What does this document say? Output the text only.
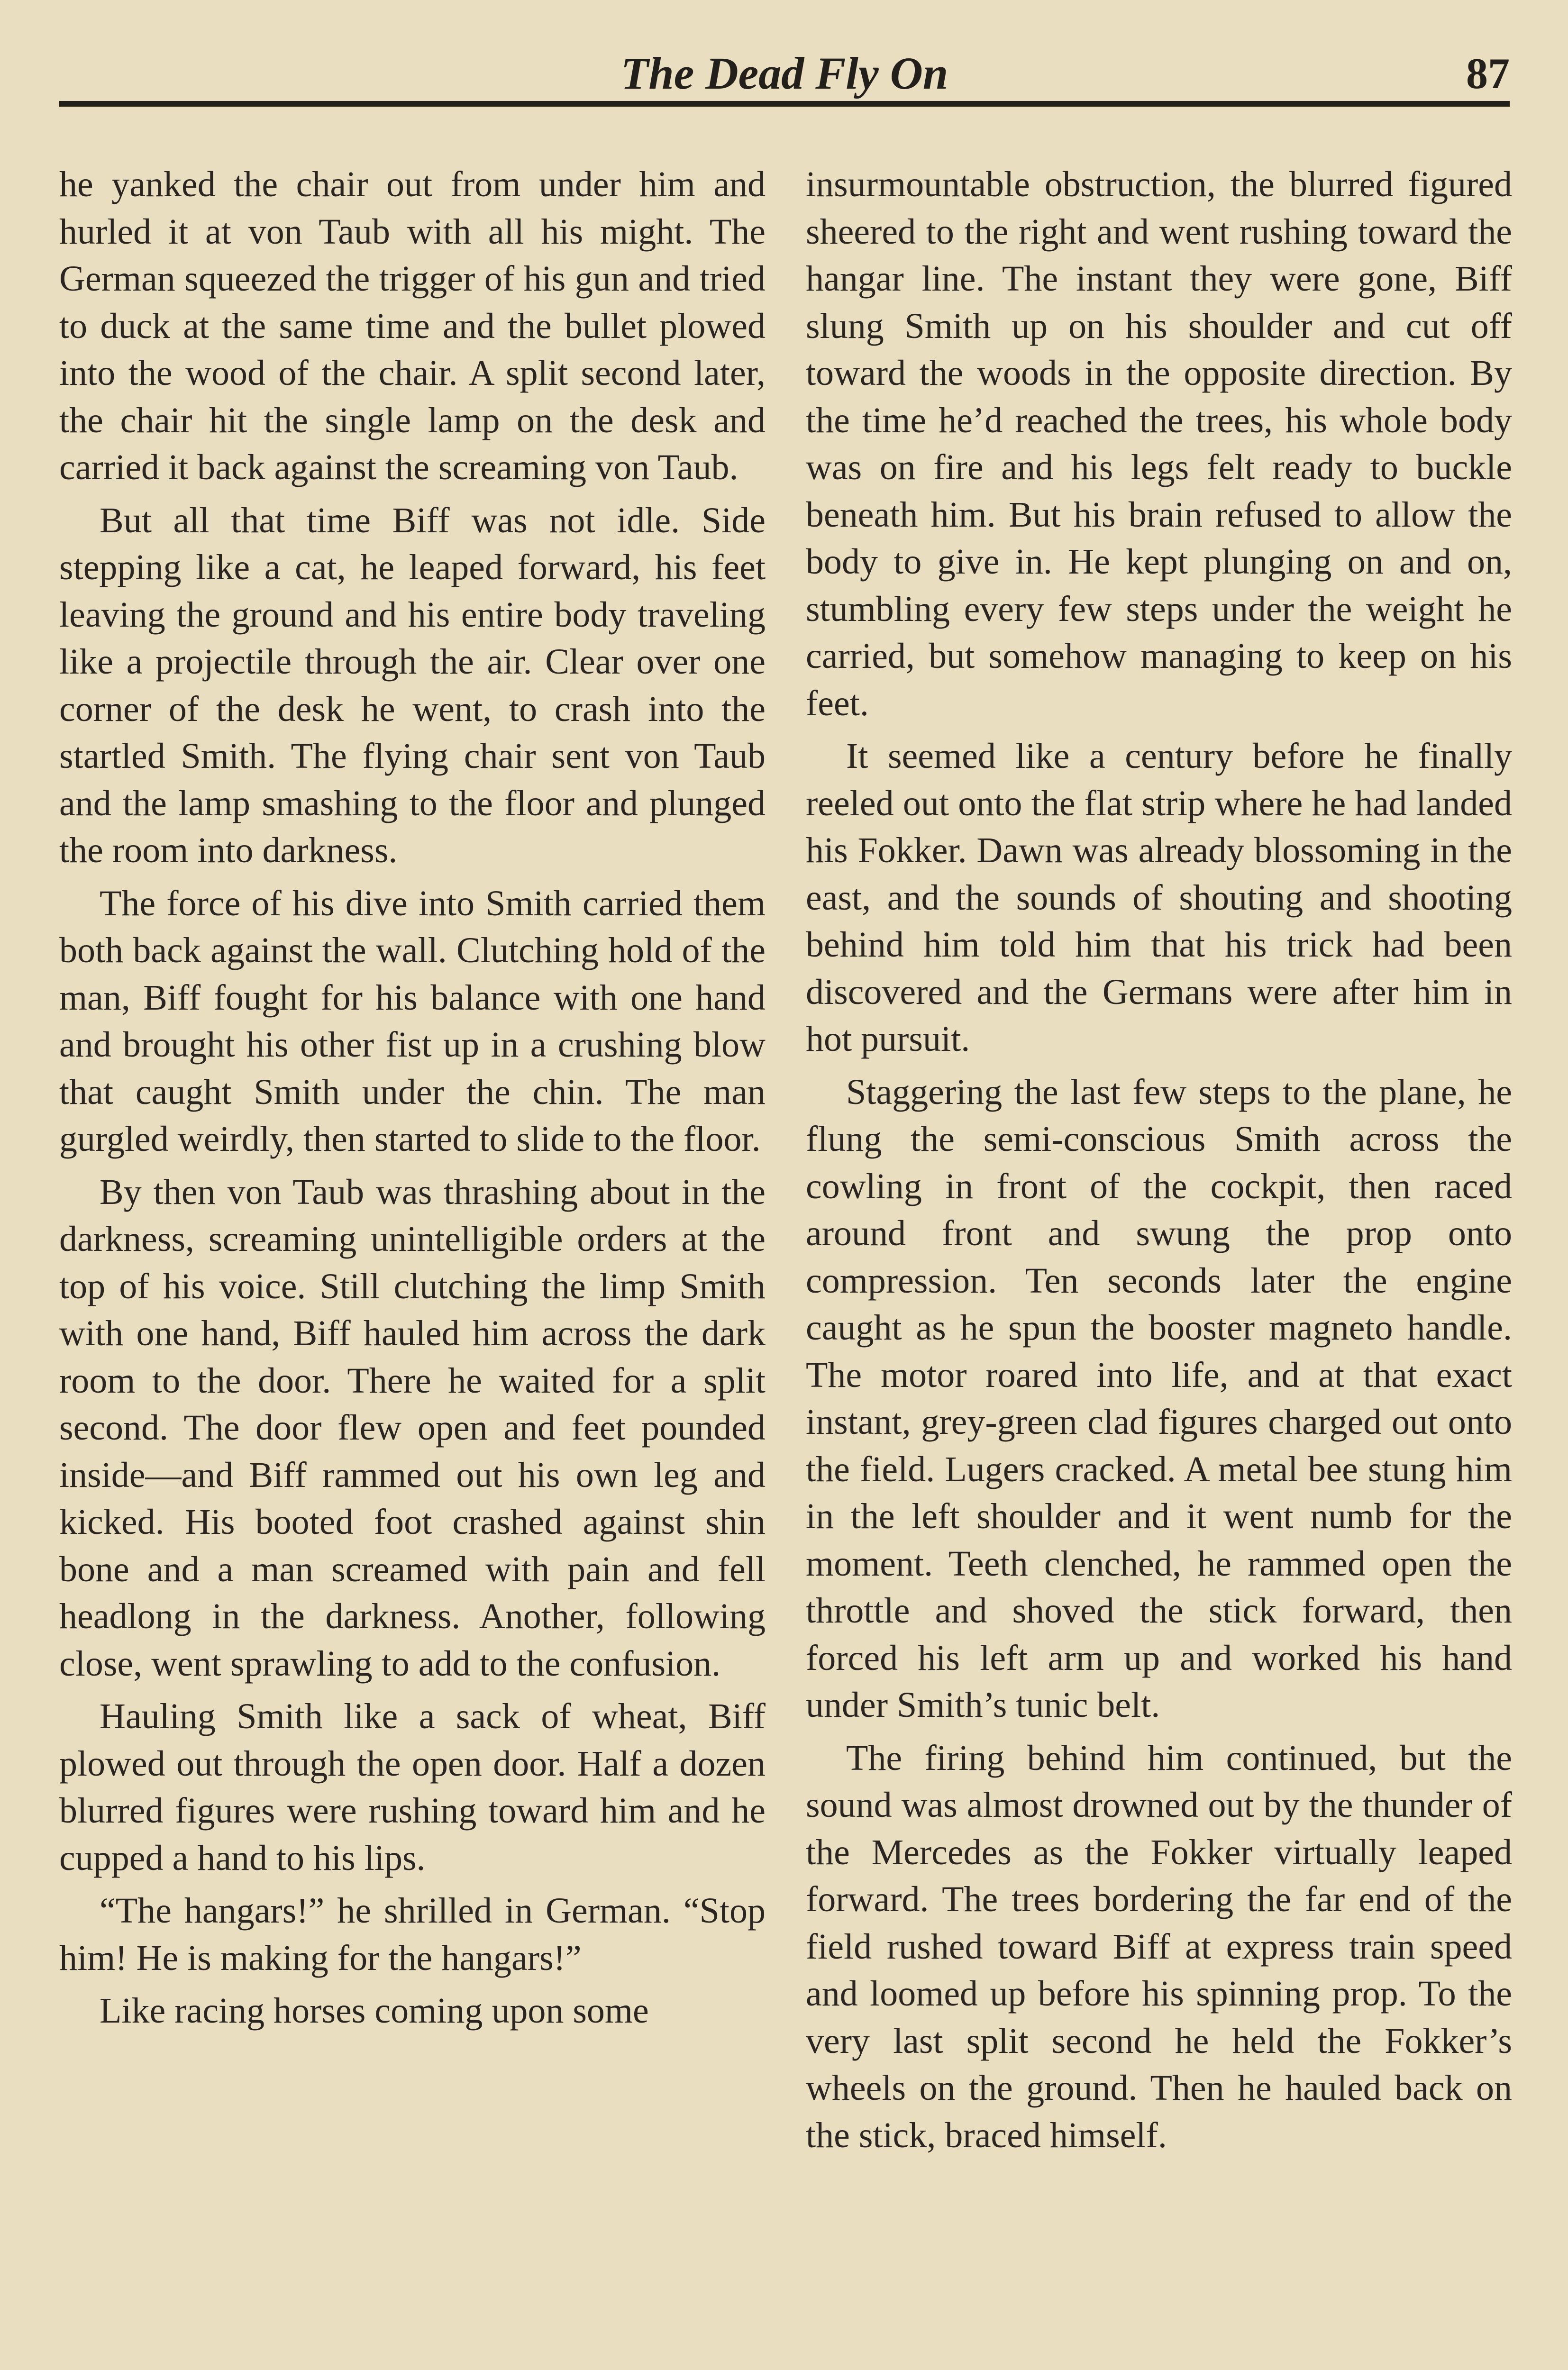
The Dead Fly On	87

he yanked the chair out from under him and hurled it at von Taub with all his might. The German squeezed the trigger of his gun and tried to duck at the same time and the bullet plowed into the wood of the chair. A split second later, the chair hit the single lamp on the desk and carried it back against the screaming von Taub.

But all that time Biff was not idle. Side stepping like a cat, he leaped forward, his feet leaving the ground and his entire body traveling like a projectile through the air. Clear over one corner of the desk he went, to crash into the startled Smith. The flying chair sent von Taub and the lamp smashing to the floor and plunged the room into darkness.

The force of his dive into Smith carried them both back against the wall. Clutching hold of the man, Biff fought for his balance with one hand and brought his other fist up in a crushing blow that caught Smith under the chin. The man gurgled weirdly, then started to slide to the floor.

By then von Taub was thrashing about in the darkness, screaming unintelligible orders at the top of his voice. Still clutching the limp Smith with one hand, Biff hauled him across the dark room to the door. There he waited for a split second. The door flew open and feet pounded inside—and Biff rammed out his own leg and kicked. His booted foot crashed against shin bone and a man screamed with pain and fell headlong in the darkness. Another, following close, went sprawling to add to the confusion.

Hauling Smith like a sack of wheat, Biff plowed out through the open door. Half a dozen blurred figures were rushing toward him and he cupped a hand to his lips.

“The hangars!” he shrilled in German. “Stop him! He is making for the hangars!”

Like racing horses coming upon some

insurmountable obstruction, the blurred figured sheered to the right and went rushing toward the hangar line. The instant they were gone, Biff slung Smith up on his shoulder and cut off toward the woods in the opposite direction. By the time he’d reached the trees, his whole body was on fire and his legs felt ready to buckle beneath him. But his brain refused to allow the body to give in. He kept plunging on and on, stumbling every few steps under the weight he carried, but somehow managing to keep on his feet.

It seemed like a century before he finally reeled out onto the flat strip where he had landed his Fokker. Dawn was already blossoming in the east, and the sounds of shouting and shooting behind him told him that his trick had been discovered and the Germans were after him in hot pursuit.

Staggering the last few steps to the plane, he flung the semi-conscious Smith across the cowling in front of the cockpit, then raced around front and swung the prop onto compression. Ten seconds later the engine caught as he spun the booster magneto handle. The motor roared into life, and at that exact instant, grey-green clad figures charged out onto the field. Lugers cracked. A metal bee stung him in the left shoulder and it went numb for the moment. Teeth clenched, he rammed open the throttle and shoved the stick forward, then forced his left arm up and worked his hand under Smith’s tunic belt.

The firing behind him continued, but the sound was almost drowned out by the thunder of the Mercedes as the Fokker virtually leaped forward. The trees bordering the far end of the field rushed toward Biff at express train speed and loomed up before his spinning prop. To the very last split second he held the Fokker’s wheels on the ground. Then he hauled back on the stick, braced himself.
